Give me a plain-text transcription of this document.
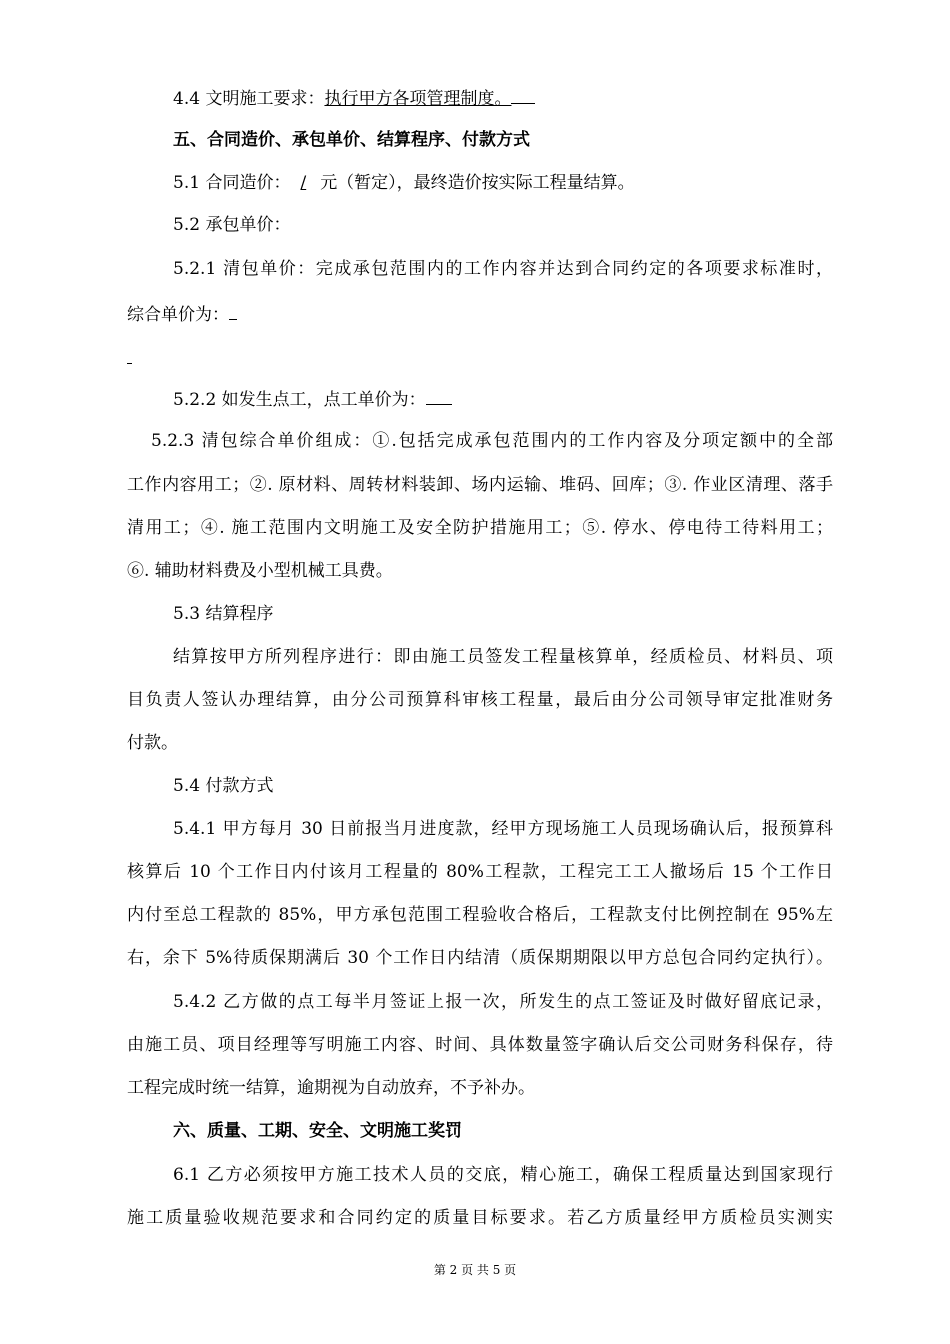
4.4 文明施工要求：执行甲方各项管理制度。
五、合同造价、承包单价、结算程序、付款方式
5.1 合同造价： / 元（暂定），最终造价按实际工程量结算。
5.2 承包单价：
5.2.1 清包单价：完成承包范围内的工作内容并达到合同约定的各项要求标准时，
综合单价为：
5.2.2 如发生点工，点工单价为：
5.2.3 清包综合单价组成：①.包括完成承包范围内的工作内容及分项定额中的全部
工作内容用工；②. 原材料、周转材料装卸、场内运输、堆码、回库；③. 作业区清理、落手
清用工；④. 施工范围内文明施工及安全防护措施用工；⑤. 停水、停电待工待料用工；
⑥. 辅助材料费及小型机械工具费。
5.3 结算程序
结算按甲方所列程序进行：即由施工员签发工程量核算单，经质检员、材料员、项
目负责人签认办理结算，由分公司预算科审核工程量，最后由分公司领导审定批准财务
付款。
5.4 付款方式
5.4.1 甲方每月 30 日前报当月进度款，经甲方现场施工人员现场确认后，报预算科
核算后 10 个工作日内付该月工程量的 80%工程款，工程完工工人撤场后 15 个工作日
内付至总工程款的 85%，甲方承包范围工程验收合格后，工程款支付比例控制在 95%左
右，余下 5%待质保期满后 30 个工作日内结清（质保期期限以甲方总包合同约定执行）。
5.4.2 乙方做的点工每半月签证上报一次，所发生的点工签证及时做好留底记录，
由施工员、项目经理等写明施工内容、时间、具体数量签字确认后交公司财务科保存，待
工程完成时统一结算，逾期视为自动放弃，不予补办。
六、质量、工期、安全、文明施工奖罚
6.1 乙方必须按甲方施工技术人员的交底，精心施工，确保工程质量达到国家现行
施工质量验收规范要求和合同约定的质量目标要求。若乙方质量经甲方质检员实测实
第 2 页 共 5 页
